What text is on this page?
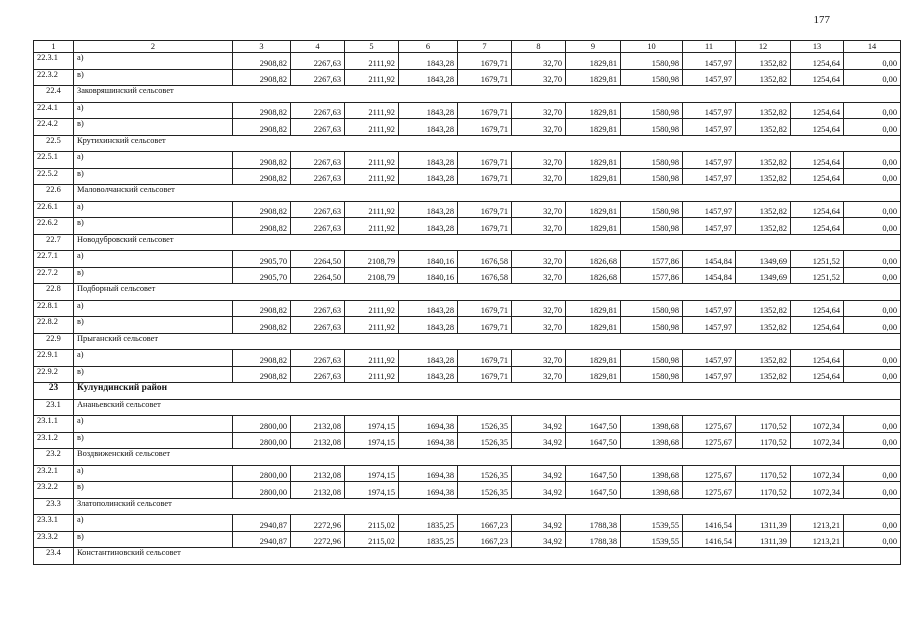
177
1	2	3	4	5	6	7	8	9	10	11	12	13	14
22.3.1	а)	2908,82	2267,63	2111,92	1843,28	1679,71	32,70	1829,81	1580,98	1457,97	1352,82	1254,64	0,00
22.3.2	в)	2908,82	2267,63	2111,92	1843,28	1679,71	32,70	1829,81	1580,98	1457,97	1352,82	1254,64	0,00
22.4	Заковряшинский сельсовет												
22.4.1	а)	2908,82	2267,63	2111,92	1843,28	1679,71	32,70	1829,81	1580,98	1457,97	1352,82	1254,64	0,00
22.4.2	в)	2908,82	2267,63	2111,92	1843,28	1679,71	32,70	1829,81	1580,98	1457,97	1352,82	1254,64	0,00
22.5	Крутихинский сельсовет												
22.5.1	а)	2908,82	2267,63	2111,92	1843,28	1679,71	32,70	1829,81	1580,98	1457,97	1352,82	1254,64	0,00
22.5.2	в)	2908,82	2267,63	2111,92	1843,28	1679,71	32,70	1829,81	1580,98	1457,97	1352,82	1254,64	0,00
22.6	Маловолчанский сельсовет												
22.6.1	а)	2908,82	2267,63	2111,92	1843,28	1679,71	32,70	1829,81	1580,98	1457,97	1352,82	1254,64	0,00
22.6.2	в)	2908,82	2267,63	2111,92	1843,28	1679,71	32,70	1829,81	1580,98	1457,97	1352,82	1254,64	0,00
22.7	Новодубровский сельсовет												
22.7.1	а)	2905,70	2264,50	2108,79	1840,16	1676,58	32,70	1826,68	1577,86	1454,84	1349,69	1251,52	0,00
22.7.2	в)	2905,70	2264,50	2108,79	1840,16	1676,58	32,70	1826,68	1577,86	1454,84	1349,69	1251,52	0,00
22.8	Подборный сельсовет												
22.8.1	а)	2908,82	2267,63	2111,92	1843,28	1679,71	32,70	1829,81	1580,98	1457,97	1352,82	1254,64	0,00
22.8.2	в)	2908,82	2267,63	2111,92	1843,28	1679,71	32,70	1829,81	1580,98	1457,97	1352,82	1254,64	0,00
22.9	Прыганский сельсовет												
22.9.1	а)	2908,82	2267,63	2111,92	1843,28	1679,71	32,70	1829,81	1580,98	1457,97	1352,82	1254,64	0,00
22.9.2	в)	2908,82	2267,63	2111,92	1843,28	1679,71	32,70	1829,81	1580,98	1457,97	1352,82	1254,64	0,00
23	Кулундинский район												
23.1	Ананьевский сельсовет												
23.1.1	а)	2800,00	2132,08	1974,15	1694,38	1526,35	34,92	1647,50	1398,68	1275,67	1170,52	1072,34	0,00
23.1.2	в)	2800,00	2132,08	1974,15	1694,38	1526,35	34,92	1647,50	1398,68	1275,67	1170,52	1072,34	0,00
23.2	Воздвиженский сельсовет												
23.2.1	а)	2800,00	2132,08	1974,15	1694,38	1526,35	34,92	1647,50	1398,68	1275,67	1170,52	1072,34	0,00
23.2.2	в)	2800,00	2132,08	1974,15	1694,38	1526,35	34,92	1647,50	1398,68	1275,67	1170,52	1072,34	0,00
23.3	Златополинский сельсовет												
23.3.1	а)	2940,87	2272,96	2115,02	1835,25	1667,23	34,92	1788,38	1539,55	1416,54	1311,39	1213,21	0,00
23.3.2	в)	2940,87	2272,96	2115,02	1835,25	1667,23	34,92	1788,38	1539,55	1416,54	1311,39	1213,21	0,00
23.4	Константиновский сельсовет												
